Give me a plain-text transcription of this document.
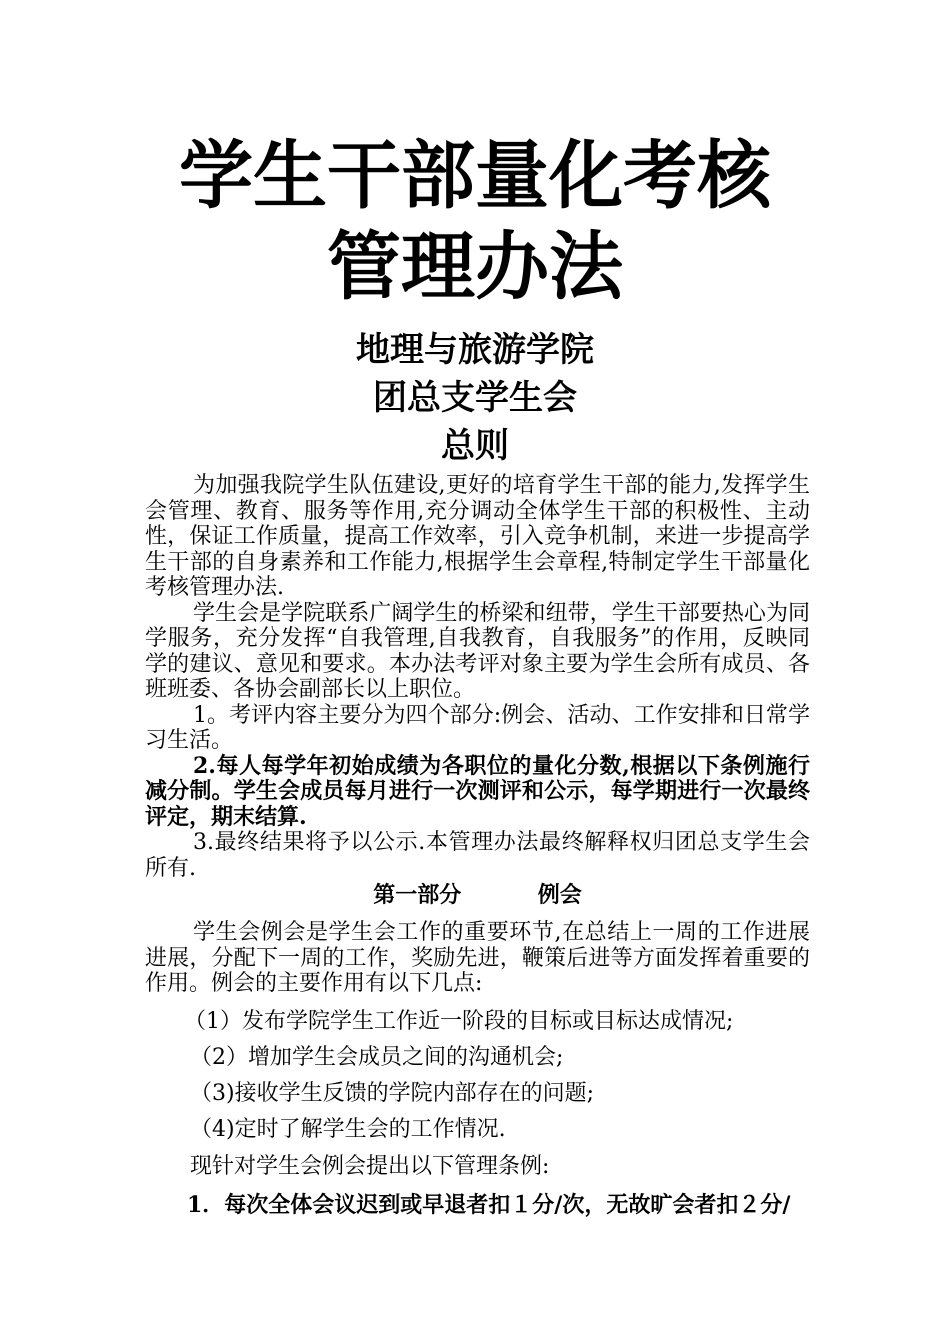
学生干部量化考核
管理办法
地理与旅游学院
团总支学生会
总则

为加强我院学生队伍建设,更好的培育学生干部的能力,发挥学生会管理、教育、服务等作用,充分调动全体学生干部的积极性、主动性，保证工作质量，提高工作效率，引入竞争机制，来进一步提高学生干部的自身素养和工作能力,根据学生会章程,特制定学生干部量化考核管理办法.

学生会是学院联系广阔学生的桥梁和纽带，学生干部要热心为同学服务，充分发挥“自我管理,自我教育，自我服务”的作用，反映同学的建议、意见和要求。本办法考评对象主要为学生会所有成员、各班班委、各协会副部长以上职位。

1。考评内容主要分为四个部分:例会、活动、工作安排和日常学习生活。

2.每人每学年初始成绩为各职位的量化分数,根据以下条例施行减分制。学生会成员每月进行一次测评和公示，每学期进行一次最终评定，期末结算.

3.最终结果将予以公示.本管理办法最终解释权归团总支学生会所有.

第一部分          例会

学生会例会是学生会工作的重要环节,在总结上一周的工作进展进展，分配下一周的工作，奖励先进，鞭策后进等方面发挥着重要的作用。例会的主要作用有以下几点:

（1）发布学院学生工作近一阶段的目标或目标达成情况;
（2）增加学生会成员之间的沟通机会;
（3)接收学生反馈的学院内部存在的问题;
（4)定时了解学生会的工作情况.
现针对学生会例会提出以下管理条例:
1．每次全体会议迟到或早退者扣１分/次，无故旷会者扣２分/
